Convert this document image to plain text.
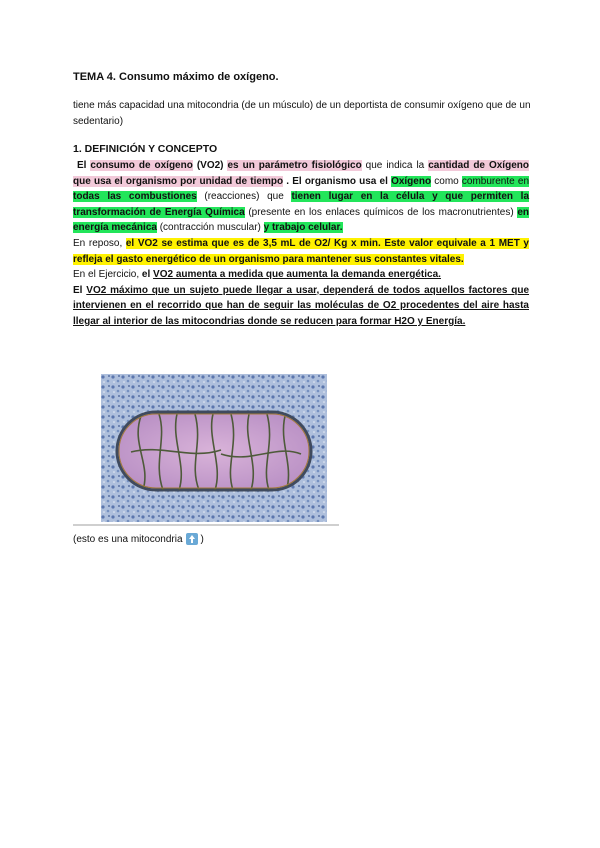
TEMA 4. Consumo máximo de oxígeno.
tiene más capacidad una mitocondria (de un músculo) de un deportista de consumir oxígeno que de un sedentario)
1. DEFINICIÓN Y CONCEPTO

El consumo de oxígeno (VO2) es un parámetro fisiológico que indica la cantidad de Oxígeno que usa el organismo por unidad de tiempo . El organismo usa el Oxígeno como comburente en todas las combustiones (reacciones) que tienen lugar en la célula y que permiten la transformación de Energía Química (presente en los enlaces químicos de los macronutrientes) en energía mecánica (contracción muscular) y trabajo celular.

En reposo, el VO2 se estima que es de 3,5 mL de O2/ Kg x min. Este valor equivale a 1 MET y refleja el gasto energético de un organismo para mantener sus constantes vitales.

En el Ejercicio, el VO2 aumenta a medida que aumenta la demanda energética.

El VO2 máximo que un sujeto puede llegar a usar, dependerá de todos aquellos factores que intervienen en el recorrido que han de seguir las moléculas de O2 procedentes del aire hasta llegar al interior de las mitocondrias donde se reducen para formar H2O y Energía.

(esto es una mitocondria )
